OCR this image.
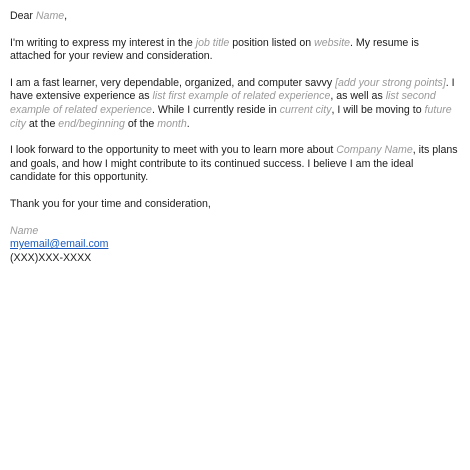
Dear Name,

I'm writing to express my interest in the job title position listed on website. My resume is attached for your review and consideration.

I am a fast learner, very dependable, organized, and computer savvy [add your strong points]. I have extensive experience as list first example of related experience, as well as list second example of related experience. While I currently reside in current city, I will be moving to future city at the end/beginning of the month.

I look forward to the opportunity to meet with you to learn more about Company Name, its plans and goals, and how I might contribute to its continued success. I believe I am the ideal candidate for this opportunity.

Thank you for your time and consideration,

Name
myemail@email.com
(XXX)XXX-XXXX
